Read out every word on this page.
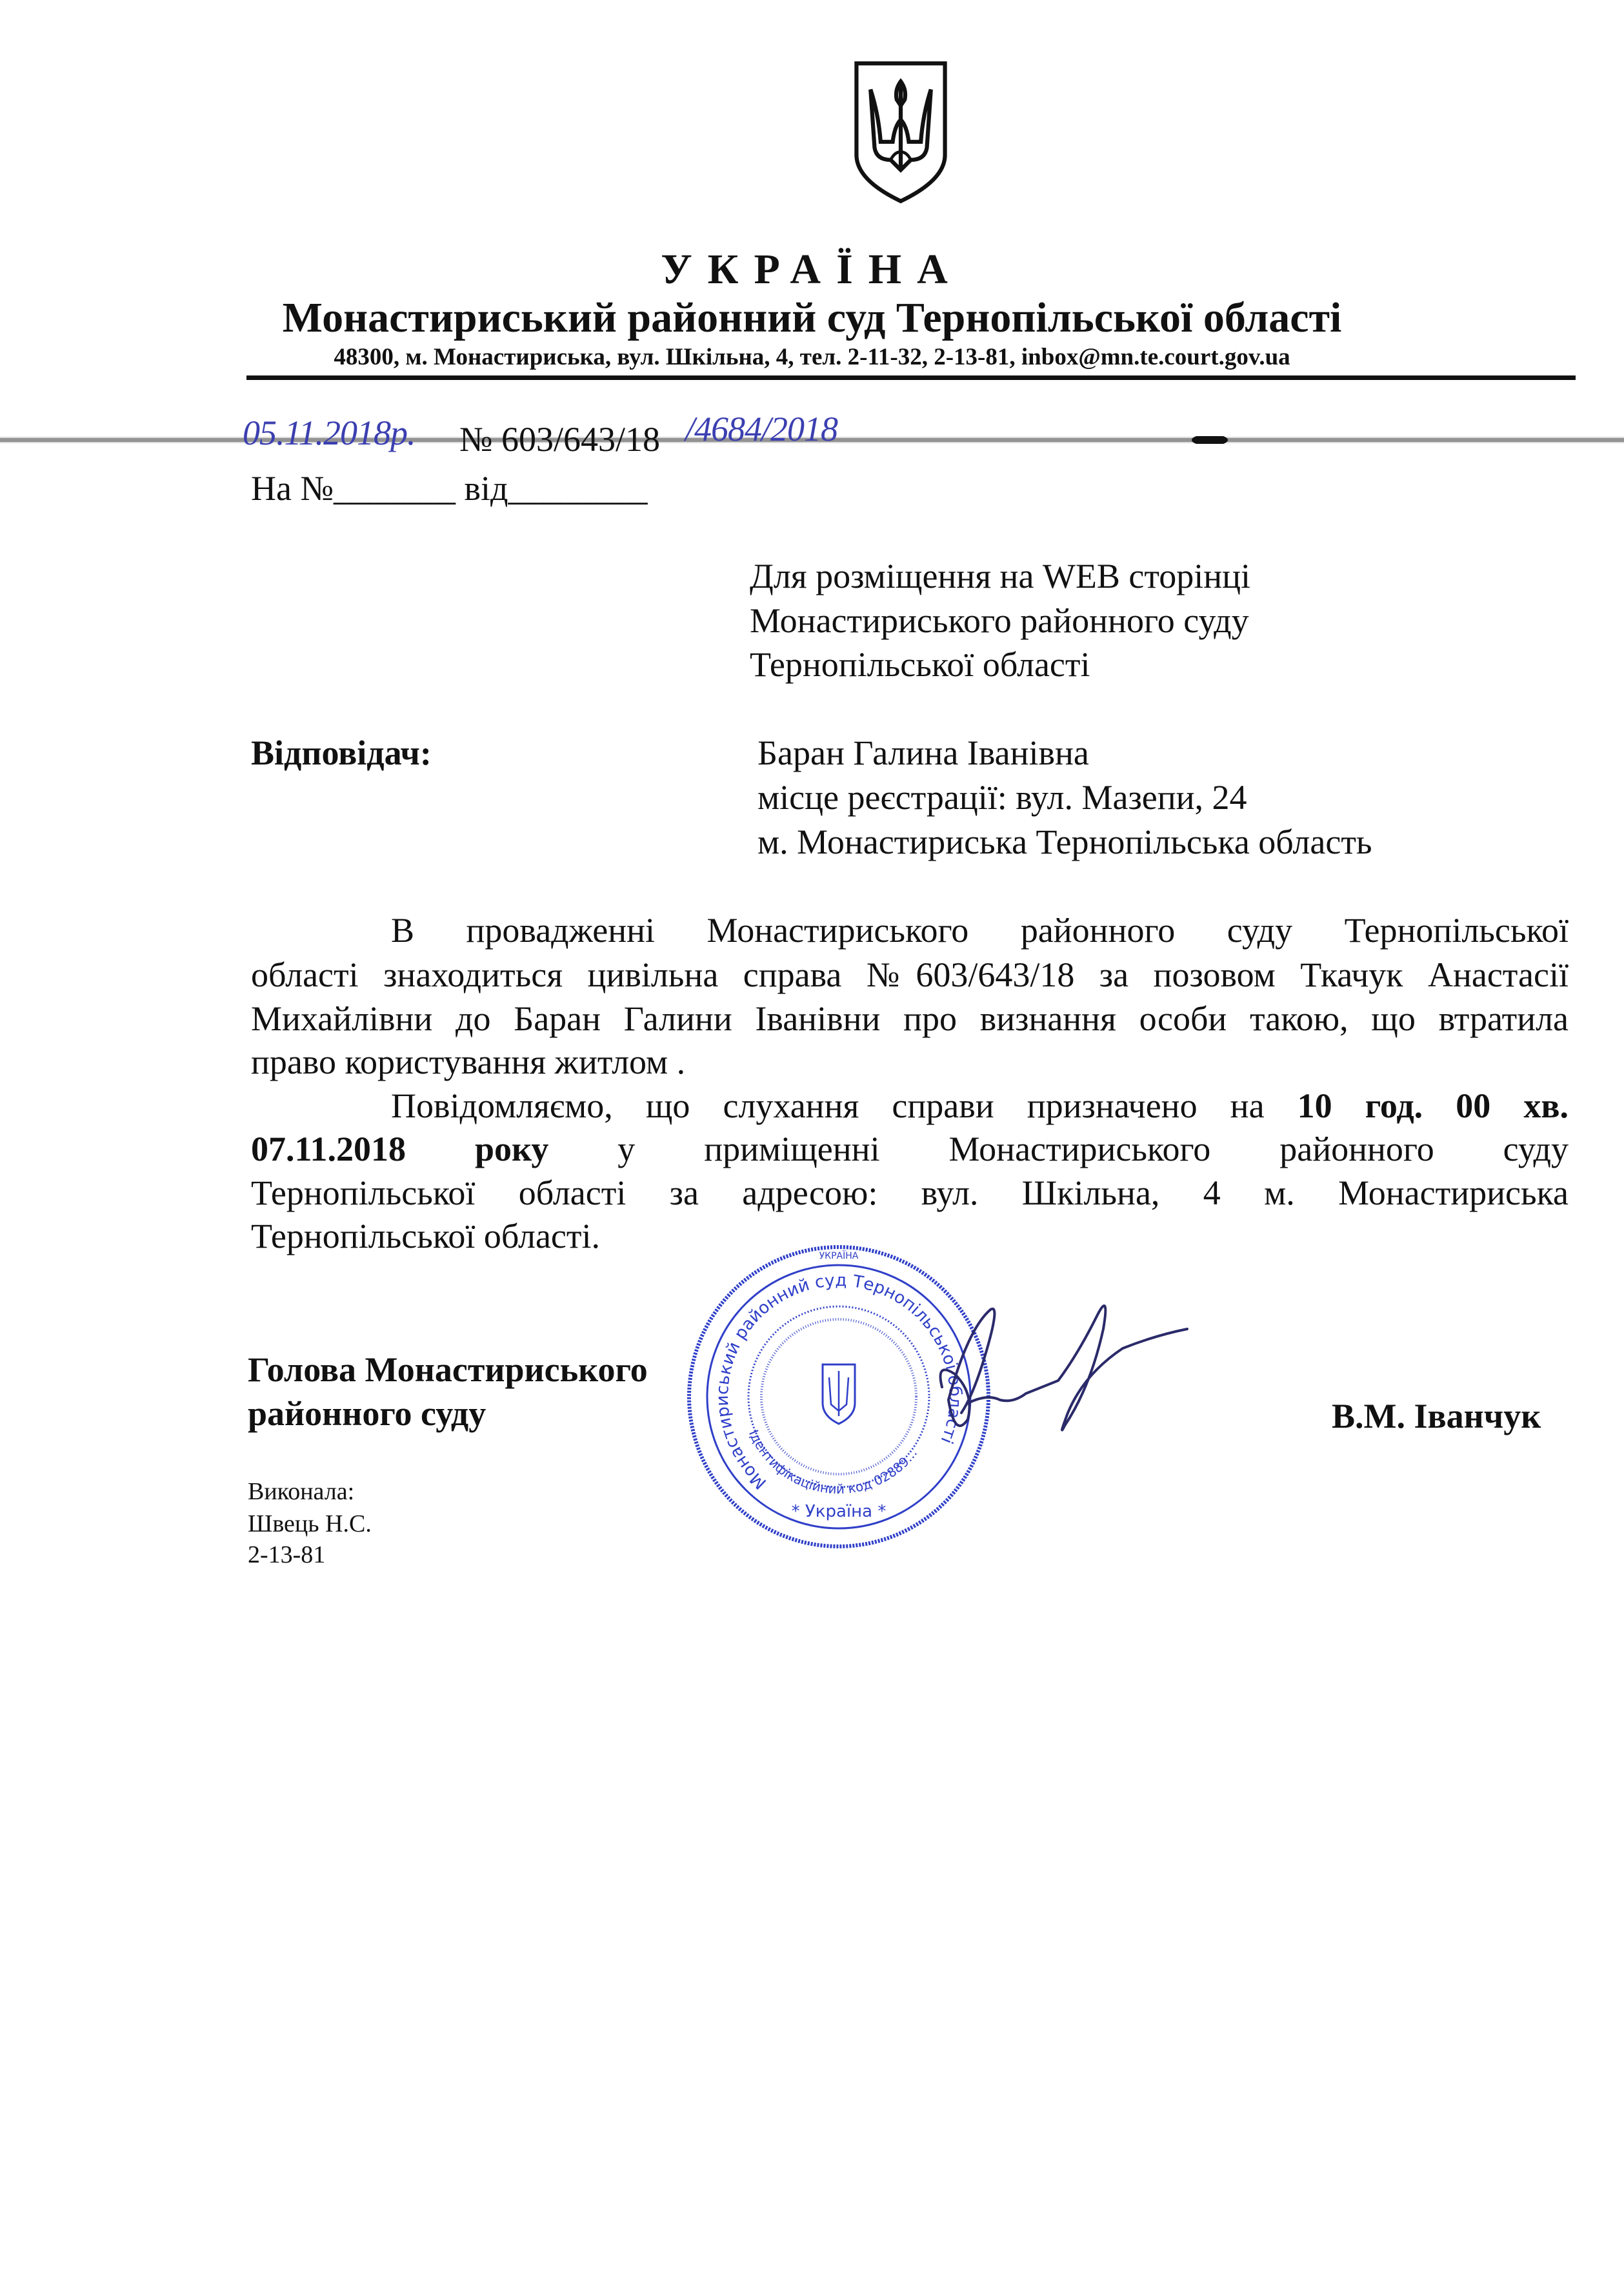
УКРАЇНА
Монастириський районний суд Тернопільської області
48300, м. Монастириська, вул. Шкільна, 4, тел. 2-11-32, 2-13-81, inbox@mn.te.court.gov.ua
05.11.2018р. № 603/643/18 /4684/2018
На №_______ від________
Для розміщення на WEB сторінці
Монастириського районного суду
Тернопільської області
Відповідач:	Баран Галина Іванівна
місце реєстрації: вул. Мазепи, 24
м. Монастириська Тернопільська область
В провадженні Монастириського районного суду Тернопільської
області знаходиться цивільна справа №603/643/18 за позовом Ткачук Анастасії
Михайлівни до Баран Галини Іванівни про визнання особи такою, що втратила
право користування житлом .
Повідомляємо, що слухання справи призначено на 10 год. 00 хв.
07.11.2018 року у приміщенні Монастириського районного суду
Тернопільської області за адресою: вул. Шкільна, 4 м. Монастириська
Тернопільської області.
Голова Монастириського
районного суду	В.М. Іванчук
Виконала:
Швець Н.С.
2-13-81
Монастириський районний суд Тернопільської області
УКРАЇНА
Ідентифікаційний код 02889...
* Україна *
